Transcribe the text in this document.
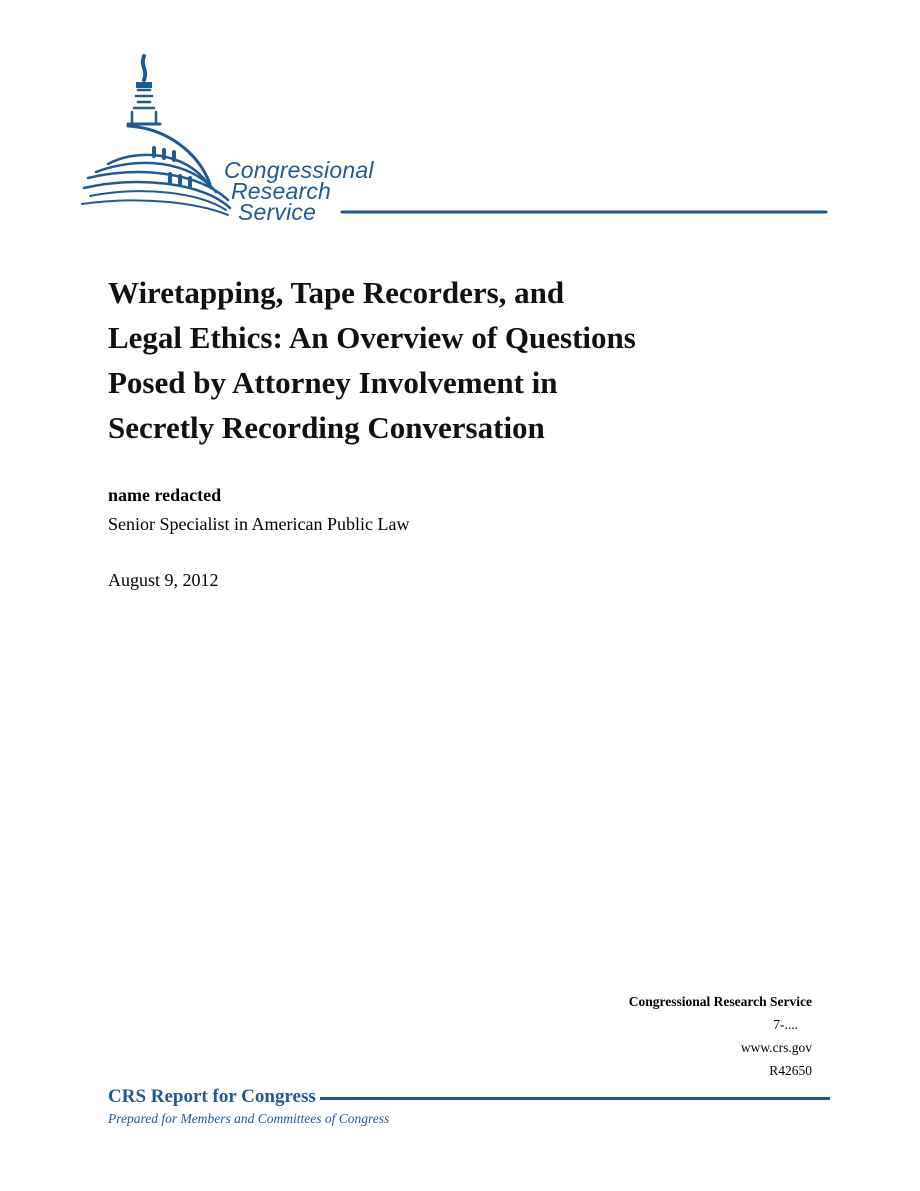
Congressional
Research
Service
Wiretapping, Tape Recorders, and
Legal Ethics: An Overview of Questions
Posed by Attorney Involvement in
Secretly Recording Conversation
name redacted
Senior Specialist in American Public Law
August 9, 2012
Congressional Research Service
7-....
www.crs.gov
R42650
CRS Report for Congress
Prepared for Members and Committees of Congress
